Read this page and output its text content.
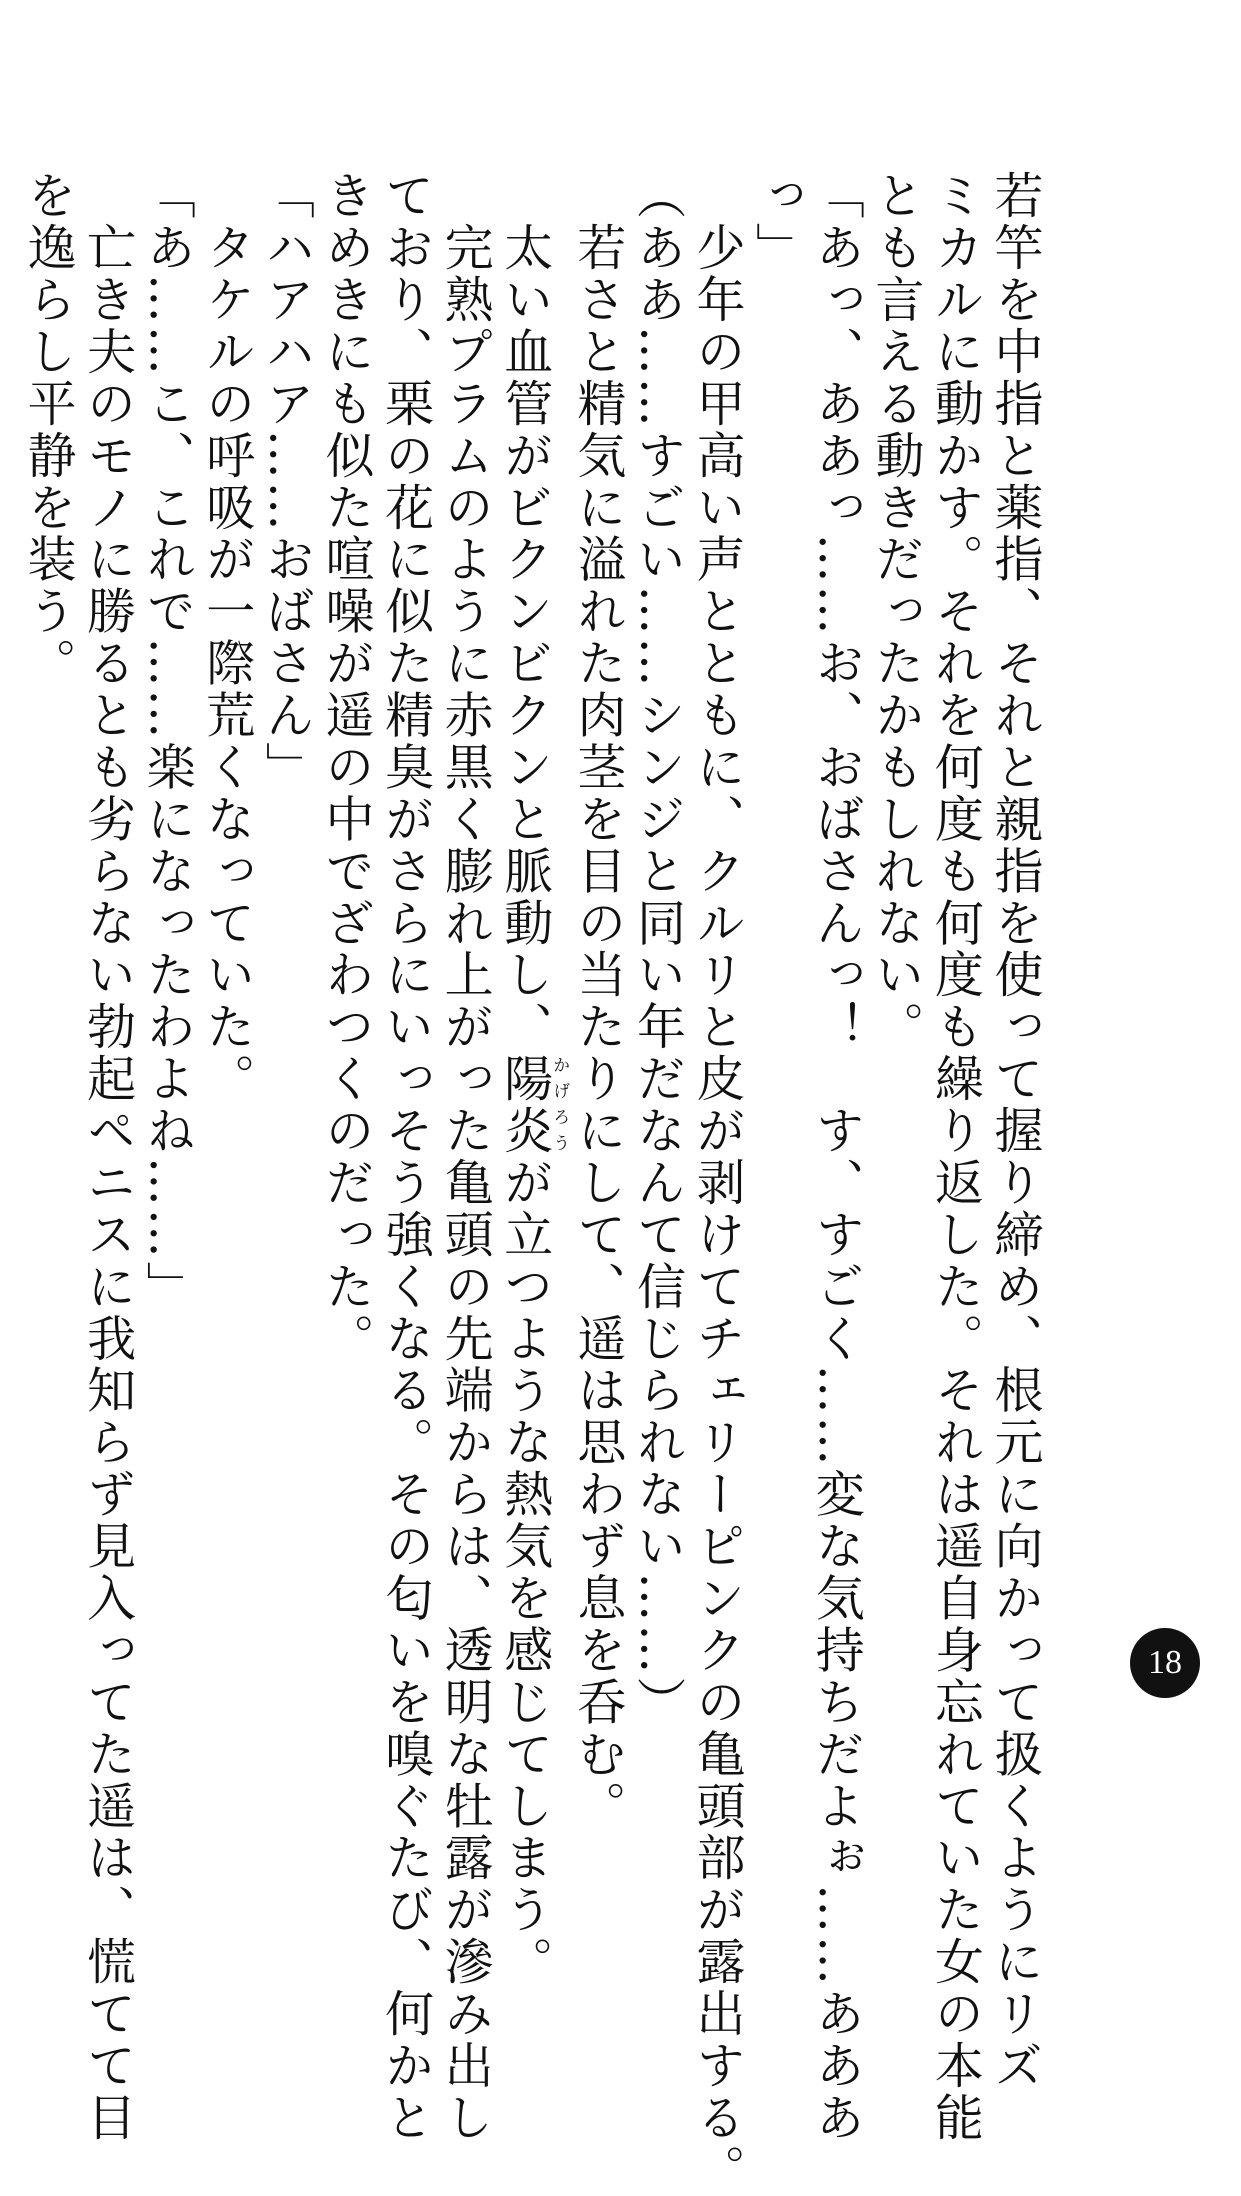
若竿を中指と薬指、それと親指を使って握り締め、根元に向かって扱くようにリズ

ミカルに動かす。それを何度も何度も繰り返した。それは遥自身忘れていた女の本能

とも言える動きだったかもしれない。

「あっ、ああっ……お、おばさんっ！　す、すごく……変な気持ちだよぉ……あああ

っ」

　少年の甲高い声とともに、クルリと皮が剥けてチェリーピンクの亀頭部が露出する。

（ああ……すごい……シンジと同い年だなんて信じられない……）

　若さと精気に溢れた肉茎を目の当たりにして、遥は思わず息を呑む。

　太い血管がビクンビクンと脈動し、陽炎かげろうが立つような熱気を感じてしまう。

　完熟プラムのように赤黒く膨れ上がった亀頭の先端からは、透明な牡露が滲み出し

ており、栗の花に似た精臭がさらにいっそう強くなる。その匂いを嗅ぐたび、何かと

きめきにも似た喧噪が遥の中でざわつくのだった。

「ハアハア……おばさん」

　タケルの呼吸が一際荒くなっていた。

「あ……こ、これで……楽になったわよね……」

　亡き夫のモノに勝るとも劣らない勃起ペニスに我知らず見入ってた遥は、慌てて目

を逸らし平静を装う。

18
